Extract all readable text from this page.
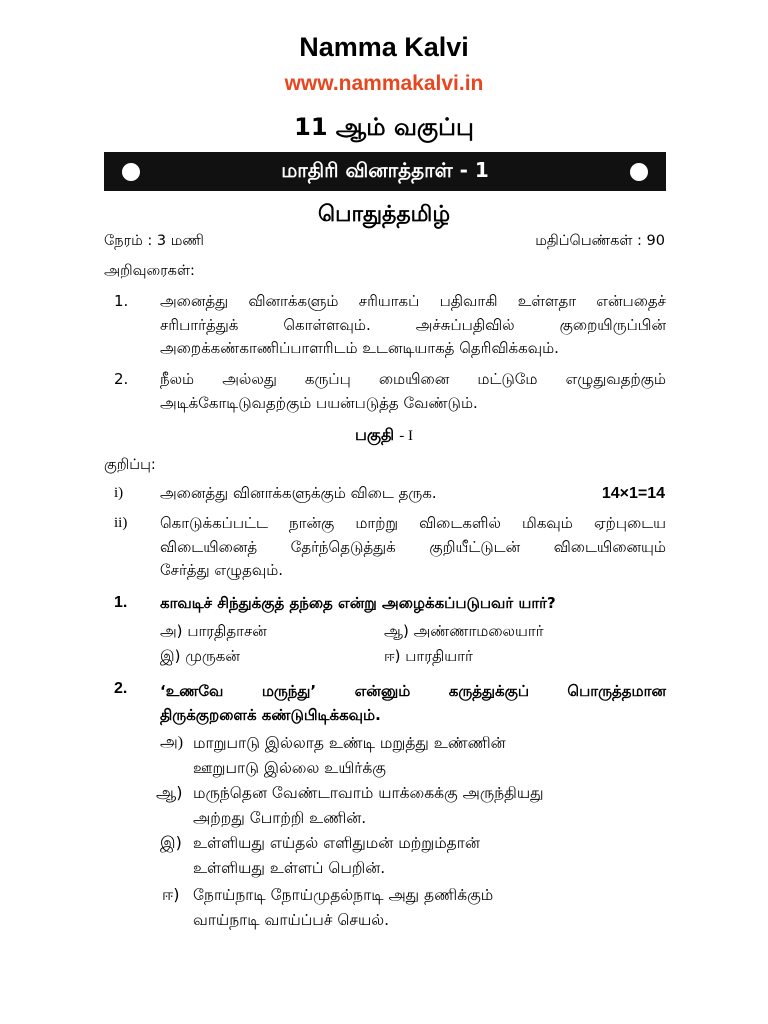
Namma Kalvi
www.nammakalvi.in
11 ஆம் வகுப்பு
மாதிரி வினாத்தாள் - 1
பொதுத்தமிழ்
நேரம் : 3 மணி	மதிப்பெண்கள் : 90
அறிவுரைகள்:
1. அனைத்து வினாக்களும் சரியாகப் பதிவாகி உள்ளதா என்பதைச்
சரிபார்த்துக் கொள்ளவும். அச்சுப்பதிவில் குறையிருப்பின்
அறைக்கண்காணிப்பாளரிடம் உடனடியாகத் தெரிவிக்கவும்.
2. நீலம் அல்லது கருப்பு மையினை மட்டுமே எழுதுவதற்கும்
அடிக்கோடிடுவதற்கும் பயன்படுத்த வேண்டும்.
பகுதி - I
குறிப்பு:
i) அனைத்து வினாக்களுக்கும் விடை தருக.	14×1=14
ii) கொடுக்கப்பட்ட நான்கு மாற்று விடைகளில் மிகவும் ஏற்புடைய
விடையினைத் தேர்ந்தெடுத்துக் குறியீட்டுடன் விடையினையும்
சேர்த்து எழுதவும்.
1. காவடிச் சிந்துக்குத் தந்தை என்று அழைக்கப்படுபவர் யார்?
அ) பாரதிதாசன்	ஆ) அண்ணாமலையார்
இ) முருகன்	ஈ) பாரதியார்
2. ‘உணவே மருந்து’ என்னும் கருத்துக்குப் பொருத்தமான
திருக்குறளைக் கண்டுபிடிக்கவும்.
அ) மாறுபாடு இல்லாத உண்டி மறுத்து உண்ணின்
ஊறுபாடு இல்லை உயிர்க்கு
ஆ) மருந்தென வேண்டாவாம் யாக்கைக்கு அருந்தியது
அற்றது போற்றி உணின்.
இ) உள்ளியது எய்தல் எளிதுமன் மற்றும்தான்
உள்ளியது உள்ளப் பெறின்.
ஈ) நோய்நாடி நோய்முதல்நாடி அது தணிக்கும்
வாய்நாடி வாய்ப்பச் செயல்.
